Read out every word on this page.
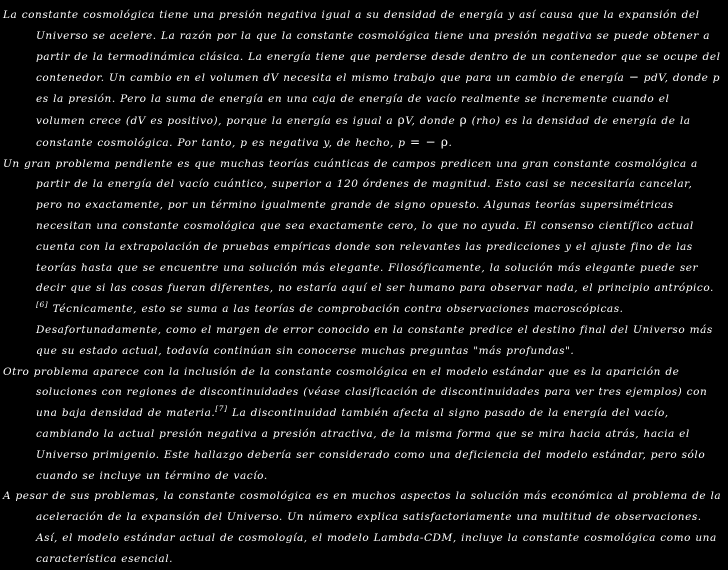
La constante cosmológica tiene una presión negativa igual a su densidad de energía y así causa que la expansión del Universo se acelere. La razón por la que la constante cosmológica tiene una presión negativa se puede obtener a partir de la termodinámica clásica. La energía tiene que perderse desde dentro de un contenedor que se ocupe del contenedor. Un cambio en el volumen dV necesita el mismo trabajo que para un cambio de energía − pdV, donde p es la presión. Pero la suma de energía en una caja de energía de vacío realmente se incremente cuando el volumen crece (dV es positivo), porque la energía es igual a ρV, donde ρ (rho) es la densidad de energía de la constante cosmológica. Por tanto, p es negativa y, de hecho, p = − ρ.

Un gran problema pendiente es que muchas teorías cuánticas de campos predicen una gran constante cosmológica a partir de la energía del vacío cuántico, superior a 120 órdenes de magnitud. Esto casi se necesitaría cancelar, pero no exactamente, por un término igualmente grande de signo opuesto. Algunas teorías supersimétricas necesitan una constante cosmológica que sea exactamente cero, lo que no ayuda. El consenso científico actual cuenta con la extrapolación de pruebas empíricas donde son relevantes las predicciones y el ajuste fino de las teorías hasta que se encuentre una solución más elegante. Filosóficamente, la solución más elegante puede ser decir que si las cosas fueran diferentes, no estaría aquí el ser humano para observar nada, el principio antrópico.[6] Técnicamente, esto se suma a las teorías de comprobación contra observaciones macroscópicas. Desafortunadamente, como el margen de error conocido en la constante predice el destino final del Universo más que su estado actual, todavía continúan sin conocerse muchas preguntas "más profundas".

Otro problema aparece con la inclusión de la constante cosmológica en el modelo estándar que es la aparición de soluciones con regiones de discontinuidades (véase clasificación de discontinuidades para ver tres ejemplos) con una baja densidad de materia.[7] La discontinuidad también afecta al signo pasado de la energía del vacío, cambiando la actual presión negativa a presión atractiva, de la misma forma que se mira hacia atrás, hacia el Universo primigenio. Este hallazgo debería ser considerado como una deficiencia del modelo estándar, pero sólo cuando se incluye un término de vacío.

A pesar de sus problemas, la constante cosmológica es en muchos aspectos la solución más económica al problema de la aceleración de la expansión del Universo. Un número explica satisfactoriamente una multitud de observaciones. Así, el modelo estándar actual de cosmología, el modelo Lambda-CDM, incluye la constante cosmológica como una característica esencial.
